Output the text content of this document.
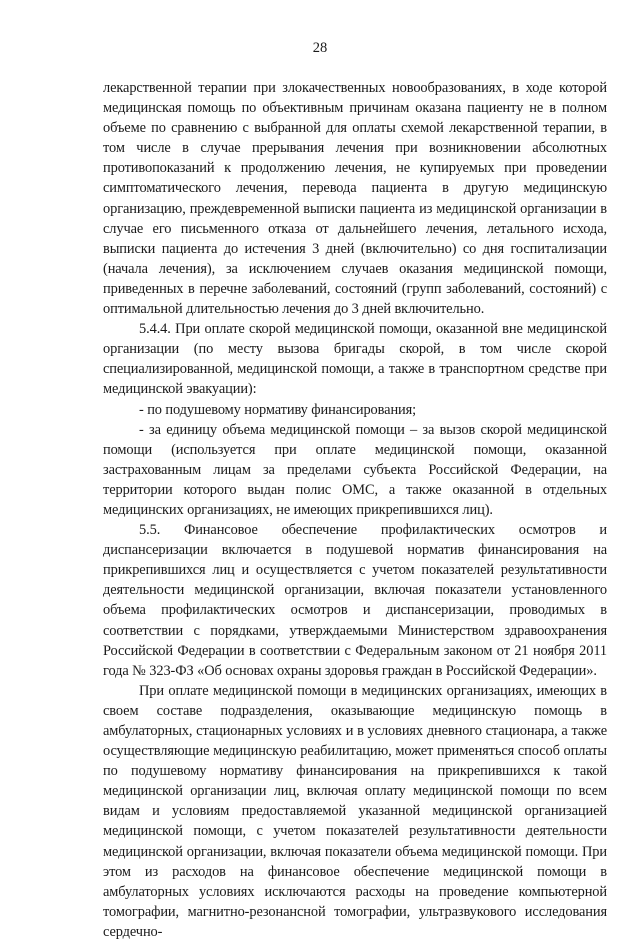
28

лекарственной терапии при злокачественных новообразованиях, в ходе которой медицинская помощь по объективным причинам оказана пациенту не в полном объеме по сравнению с выбранной для оплаты схемой лекарственной терапии, в том числе в случае прерывания лечения при возникновении абсолютных противопоказаний к продолжению лечения, не купируемых при проведении симптоматического лечения, перевода пациента в другую медицинскую организацию, преждевременной выписки пациента из медицинской организации в случае его письменного отказа от дальнейшего лечения, летального исхода, выписки пациента до истечения 3 дней (включительно) со дня госпитализации (начала лечения), за исключением случаев оказания медицинской помощи, приведенных в перечне заболеваний, состояний (групп заболеваний, состояний) с оптимальной длительностью лечения до 3 дней включительно.

5.4.4. При оплате скорой медицинской помощи, оказанной вне медицинской организации (по месту вызова бригады скорой, в том числе скорой специализированной, медицинской помощи, а также в транспортном средстве при медицинской эвакуации):

- по подушевому нормативу финансирования;

- за единицу объема медицинской помощи – за вызов скорой медицинской помощи (используется при оплате медицинской помощи, оказанной застрахованным лицам за пределами субъекта Российской Федерации, на территории которого выдан полис ОМС, а также оказанной в отдельных медицинских организациях, не имеющих прикрепившихся лиц).

5.5. Финансовое обеспечение профилактических осмотров и диспансеризации включается в подушевой норматив финансирования на прикрепившихся лиц и осуществляется с учетом показателей результативности деятельности медицинской организации, включая показатели установленного объема профилактических осмотров и диспансеризации, проводимых в соответствии с порядками, утверждаемыми Министерством здравоохранения Российской Федерации в соответствии с Федеральным законом от 21 ноября 2011 года № 323-ФЗ «Об основах охраны здоровья граждан в Российской Федерации».

При оплате медицинской помощи в медицинских организациях, имеющих в своем составе подразделения, оказывающие медицинскую помощь в амбулаторных, стационарных условиях и в условиях дневного стационара, а также осуществляющие медицинскую реабилитацию, может применяться способ оплаты по подушевому нормативу финансирования на прикрепившихся к такой медицинской организации лиц, включая оплату медицинской помощи по всем видам и условиям предоставляемой указанной медицинской организацией медицинской помощи, с учетом показателей результативности деятельности медицинской организации, включая показатели объема медицинской помощи. При этом из расходов на финансовое обеспечение медицинской помощи в амбулаторных условиях исключаются расходы на проведение компьютерной томографии, магнитно-резонансной томографии, ультразвукового исследования сердечно-
